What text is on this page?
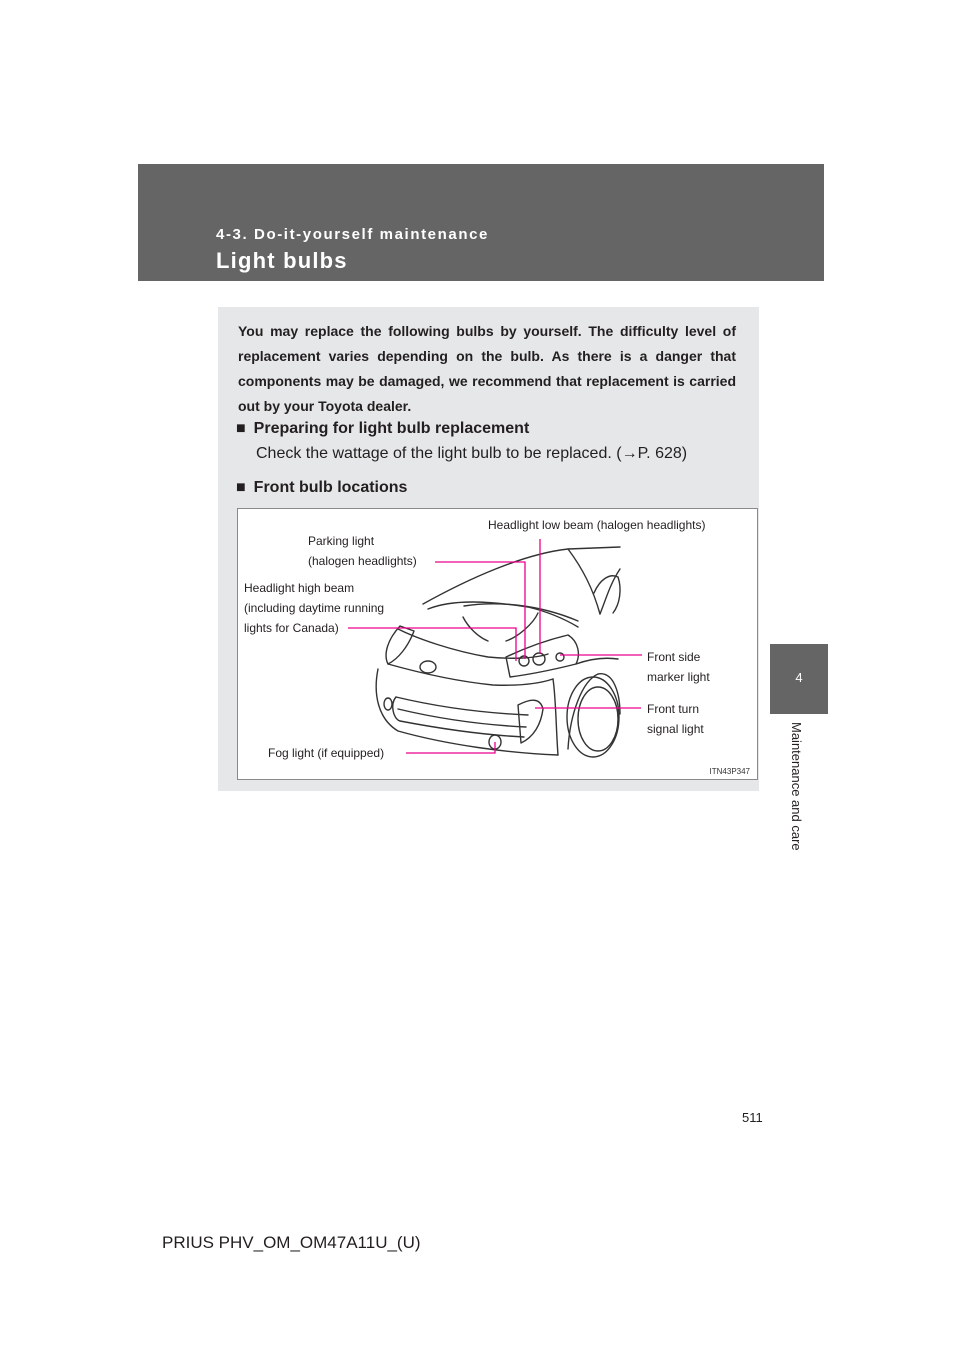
4-3. Do-it-yourself maintenance
Light bulbs
4
Maintenance and care

You may replace the following bulbs by yourself. The difficulty level of replacement varies depending on the bulb. As there is a danger that components may be damaged, we recommend that replacement is carried out by your Toyota dealer.

■ Preparing for light bulb replacement
Check the wattage of the light bulb to be replaced. (→P. 628)
■ Front bulb locations
Headlight low beam (halogen headlights)
Parking light
(halogen headlights)
Headlight high beam
(including daytime running
lights for Canada)
Front side
marker light
Front turn
signal light
Fog light (if equipped)
ITN43P347
511
PRIUS PHV_OM_OM47A11U_(U)
